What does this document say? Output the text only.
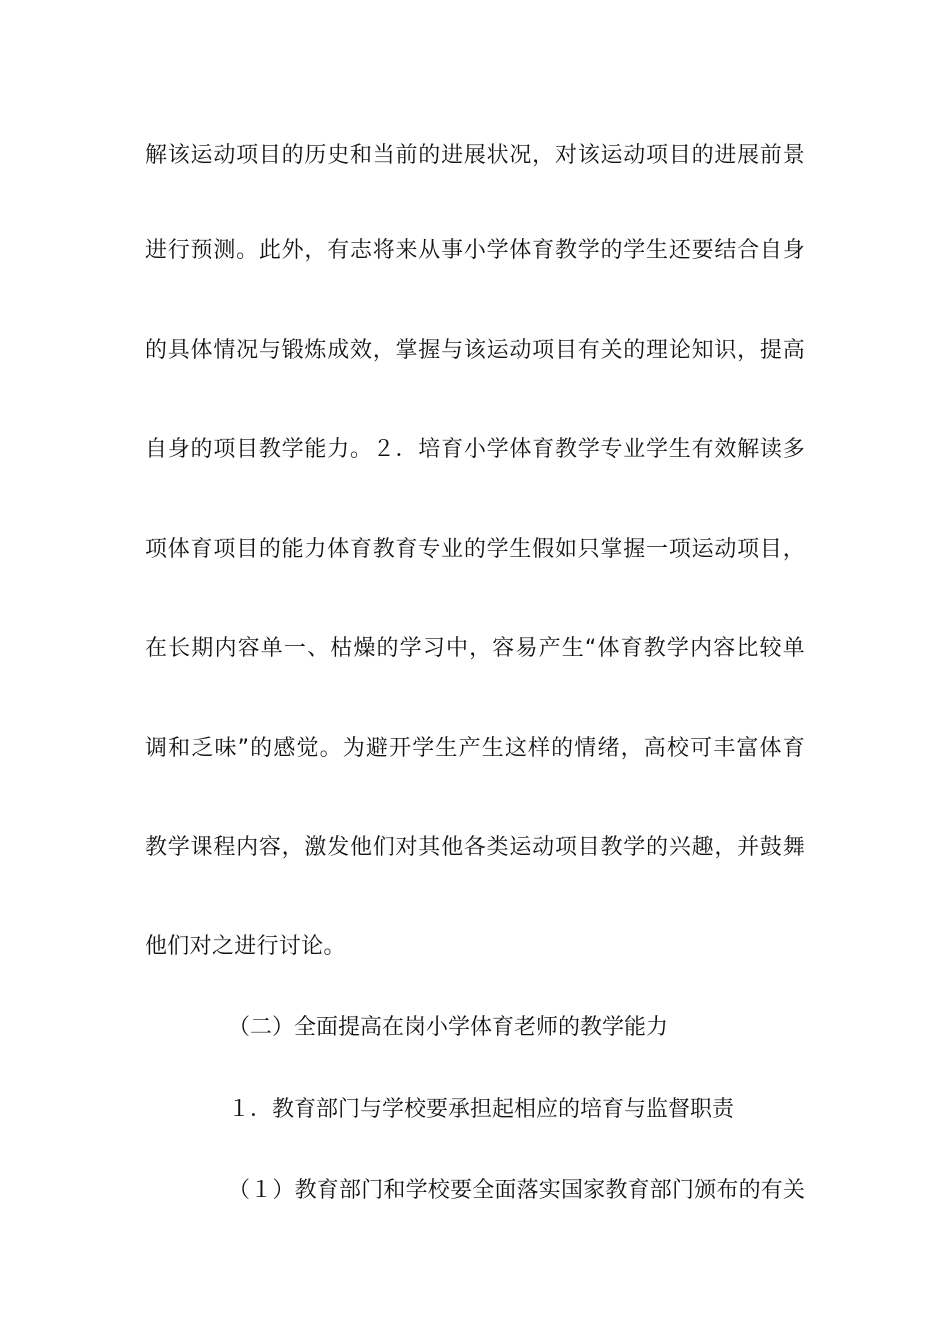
解该运动项目的历史和当前的进展状况，对该运动项目的进展前景
进行预测。此外，有志将来从事小学体育教学的学生还要结合自身
的具体情况与锻炼成效，掌握与该运动项目有关的理论知识，提高
自身的项目教学能力。２．培育小学体育教学专业学生有效解读多
项体育项目的能力体育教育专业的学生假如只掌握一项运动项目，
在长期内容单一、枯燥的学习中，容易产生“体育教学内容比较单
调和乏味”的感觉。为避开学生产生这样的情绪，高校可丰富体育
教学课程内容，激发他们对其他各类运动项目教学的兴趣，并鼓舞
他们对之进行讨论。
（二）全面提高在岗小学体育老师的教学能力
１．教育部门与学校要承担起相应的培育与监督职责
（１）教育部门和学校要全面落实国家教育部门颁布的有关
